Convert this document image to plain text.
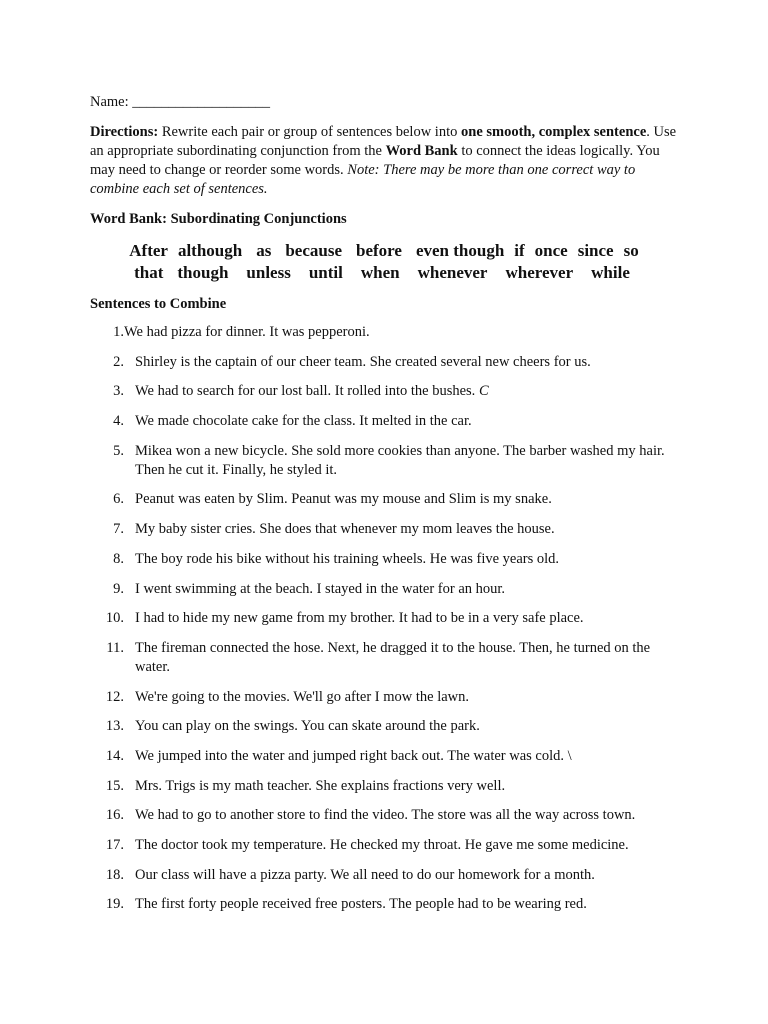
Name: ___________________
Directions: Rewrite each pair or group of sentences below into one smooth, complex sentence. Use an appropriate subordinating conjunction from the Word Bank to connect the ideas logically. You may need to change or reorder some words. Note: There may be more than one correct way to combine each set of sentences.
Word Bank: Subordinating Conjunctions
After although as because before even though if once since so
that though unless until when whenever wherever while
Sentences to Combine
1. We had pizza for dinner. It was pepperoni.
2. Shirley is the captain of our cheer team. She created several new cheers for us.
3. We had to search for our lost ball. It rolled into the bushes. C
4. We made chocolate cake for the class. It melted in the car.
5. Mikea won a new bicycle. She sold more cookies than anyone. The barber washed my hair. Then he cut it. Finally, he styled it.
6. Peanut was eaten by Slim. Peanut was my mouse and Slim is my snake.
7. My baby sister cries. She does that whenever my mom leaves the house.
8. The boy rode his bike without his training wheels. He was five years old.
9. I went swimming at the beach. I stayed in the water for an hour.
10. I had to hide my new game from my brother. It had to be in a very safe place.
11. The fireman connected the hose. Next, he dragged it to the house. Then, he turned on the water.
12. We're going to the movies. We'll go after I mow the lawn.
13. You can play on the swings. You can skate around the park.
14. We jumped into the water and jumped right back out. The water was cold. \
15. Mrs. Trigs is my math teacher. She explains fractions very well.
16. We had to go to another store to find the video. The store was all the way across town.
17. The doctor took my temperature. He checked my throat. He gave me some medicine.
18. Our class will have a pizza party. We all need to do our homework for a month.
19. The first forty people received free posters. The people had to be wearing red.
